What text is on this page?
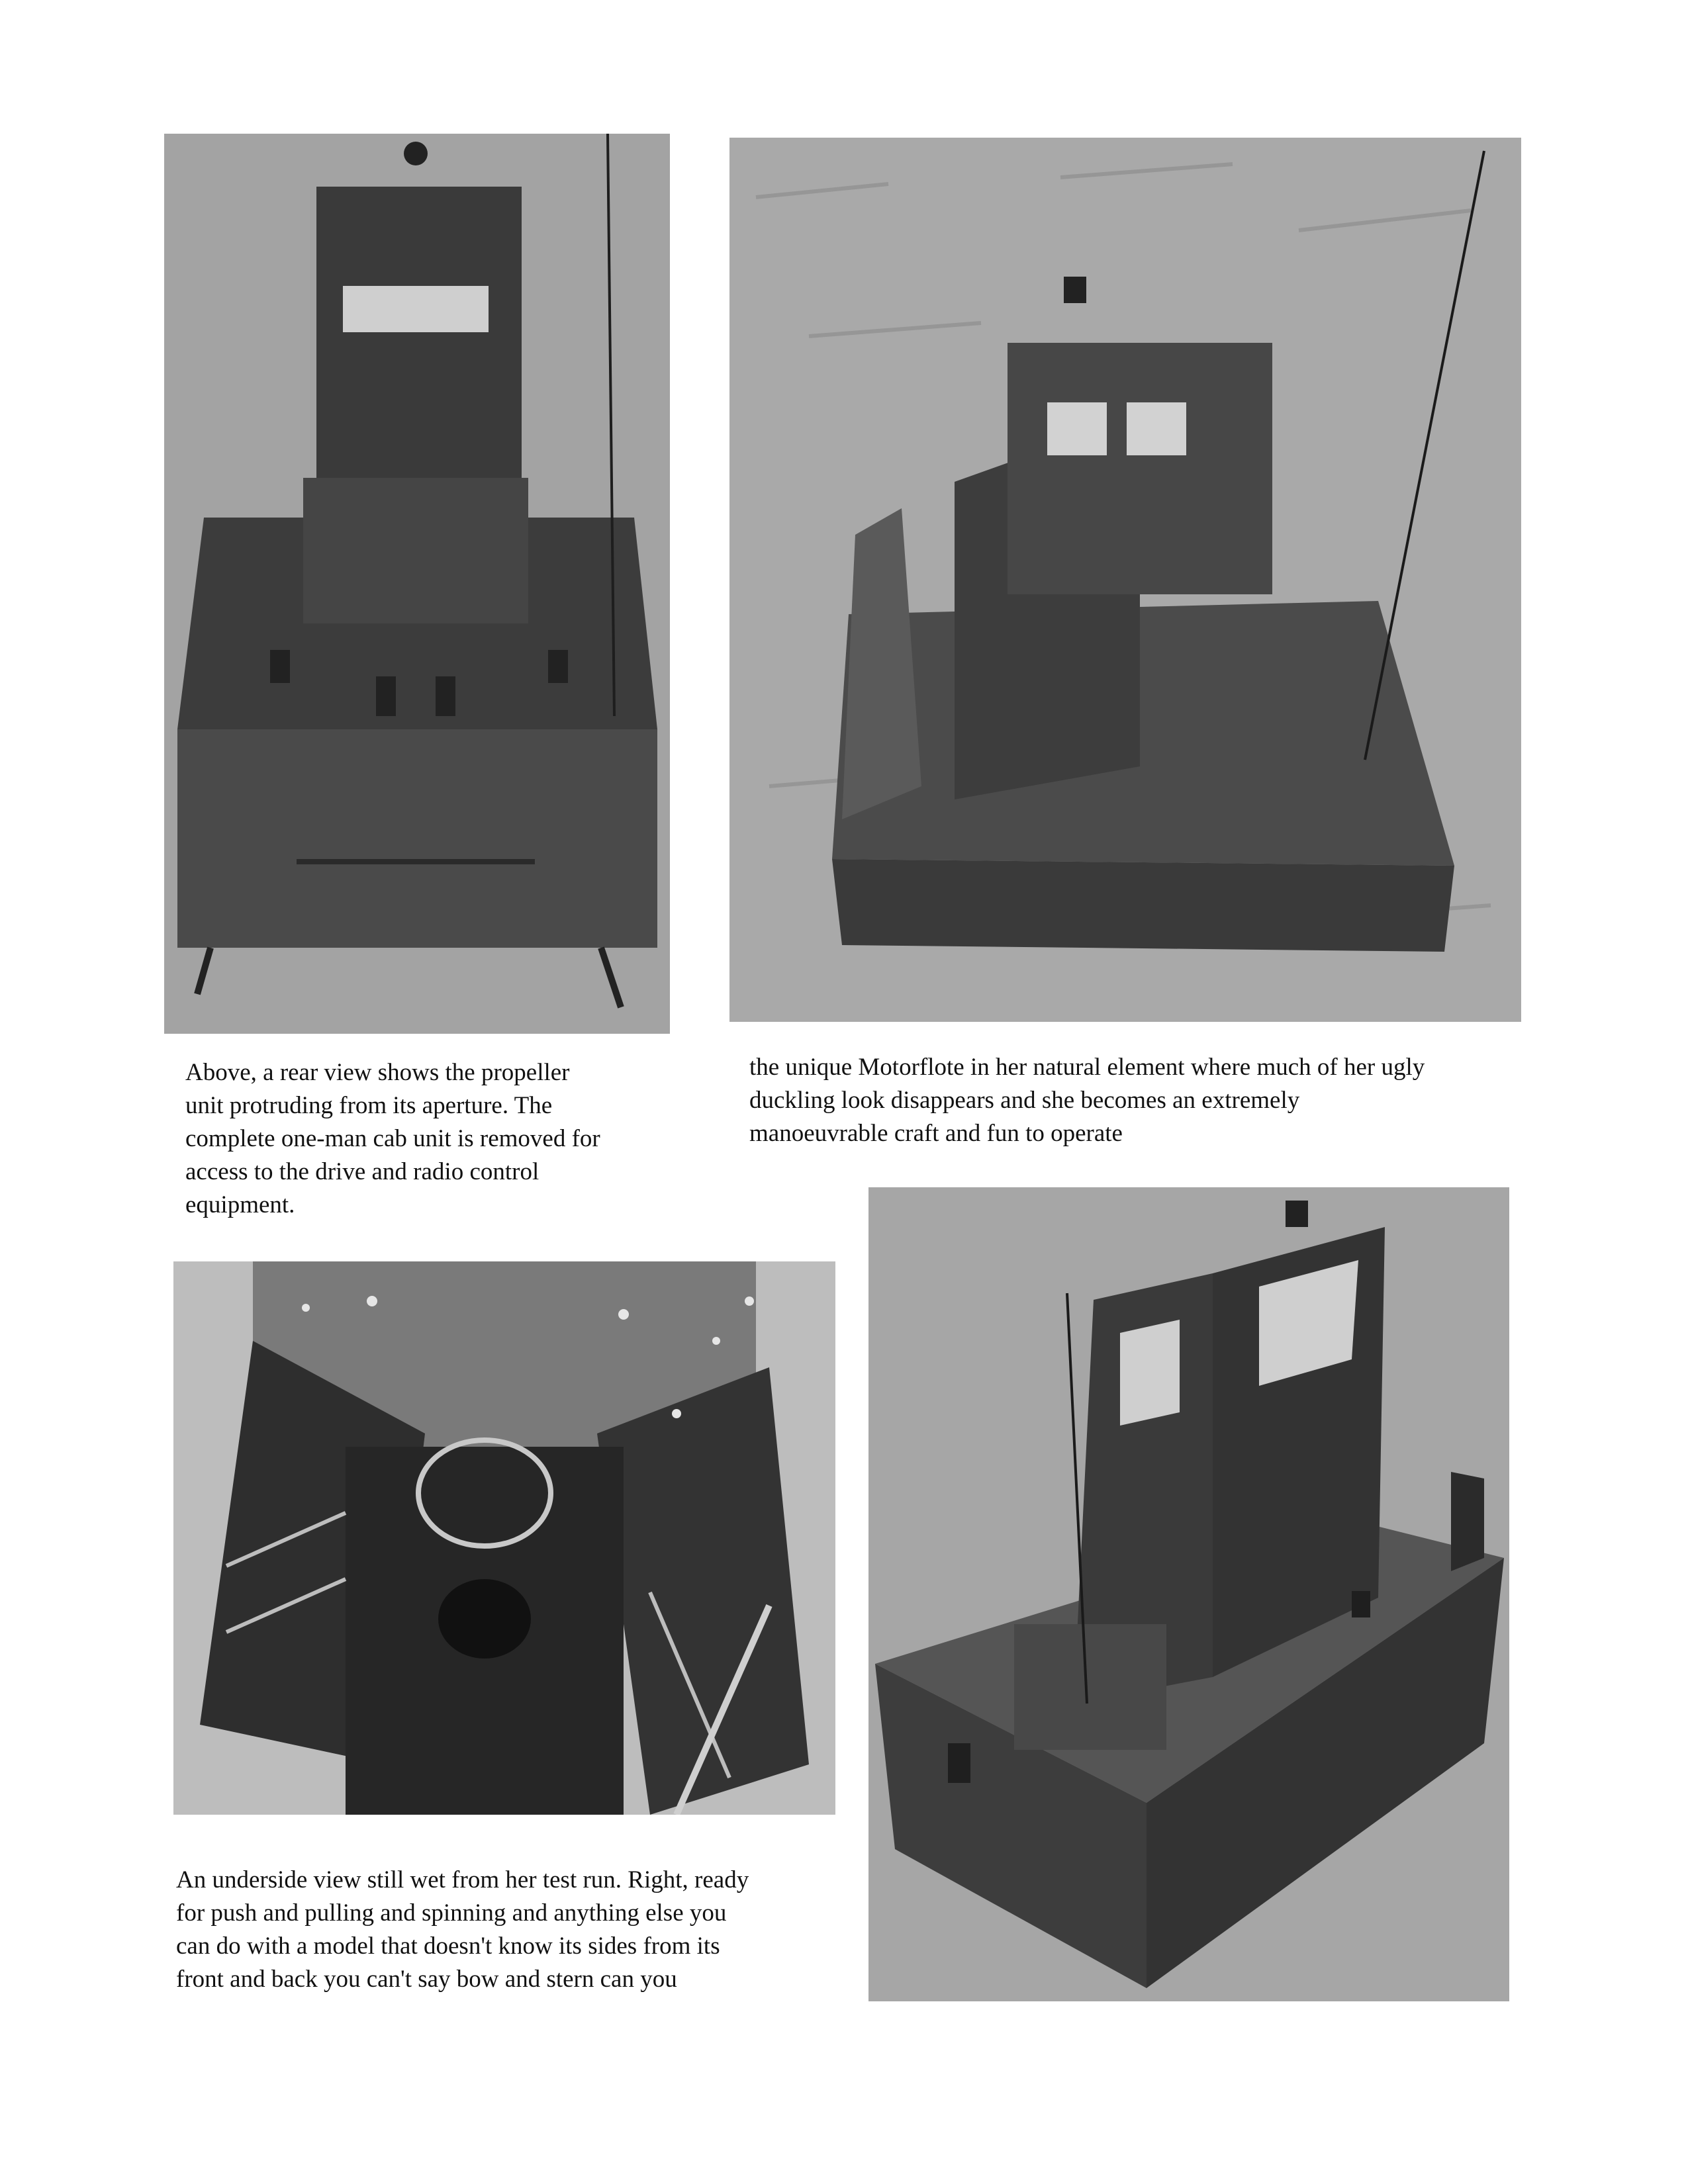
Above, a rear view shows the propeller
unit protruding from its aperture. The
complete one-man cab unit is removed for
access to the drive and radio control
equipment.
the unique Motorflote in her natural element where much of her ugly
duckling look disappears and she becomes an extremely
manoeuvrable craft and fun to operate
An underside view still wet from her test run. Right, ready
for push and pulling and spinning and anything else you
can do with a model that doesn't know its sides from its
front and back you can't say bow and stern can you
